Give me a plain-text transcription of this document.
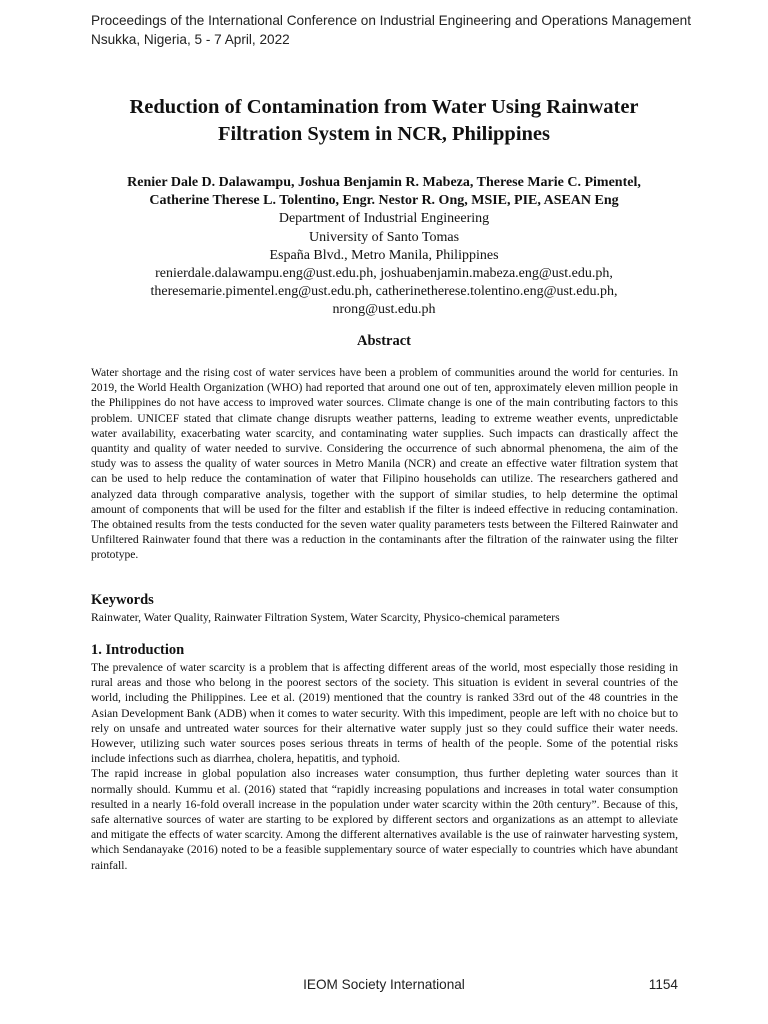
Proceedings of the International Conference on Industrial Engineering and Operations Management
Nsukka, Nigeria, 5 - 7 April, 2022
Reduction of Contamination from Water Using Rainwater
Filtration System in NCR, Philippines
Renier Dale D. Dalawampu, Joshua Benjamin R. Mabeza, Therese Marie C. Pimentel,
Catherine Therese L. Tolentino, Engr. Nestor R. Ong, MSIE, PIE, ASEAN Eng
Department of Industrial Engineering
University of Santo Tomas
España Blvd., Metro Manila, Philippines
renierdale.dalawampu.eng@ust.edu.ph, joshuabenjamin.mabeza.eng@ust.edu.ph,
theresemarie.pimentel.eng@ust.edu.ph, catherinetherese.tolentino.eng@ust.edu.ph,
nrong@ust.edu.ph
Abstract
Water shortage and the rising cost of water services have been a problem of communities around the world for centuries. In 2019, the World Health Organization (WHO) had reported that around one out of ten, approximately eleven million people in the Philippines do not have access to improved water sources. Climate change is one of the main contributing factors to this problem. UNICEF stated that climate change disrupts weather patterns, leading to extreme weather events, unpredictable water availability, exacerbating water scarcity, and contaminating water supplies. Such impacts can drastically affect the quantity and quality of water needed to survive. Considering the occurrence of such abnormal phenomena, the aim of the study was to assess the quality of water sources in Metro Manila (NCR) and create an effective water filtration system that can be used to help reduce the contamination of water that Filipino households can utilize. The researchers gathered and analyzed data through comparative analysis, together with the support of similar studies, to help determine the optimal amount of components that will be used for the filter and establish if the filter is indeed effective in reducing contamination. The obtained results from the tests conducted for the seven water quality parameters tests between the Filtered Rainwater and Unfiltered Rainwater found that there was a reduction in the contaminants after the filtration of the rainwater using the filter prototype.
Keywords
Rainwater, Water Quality, Rainwater Filtration System, Water Scarcity, Physico-chemical parameters
1. Introduction

The prevalence of water scarcity is a problem that is affecting different areas of the world, most especially those residing in rural areas and those who belong in the poorest sectors of the society. This situation is evident in several countries of the world, including the Philippines. Lee et al. (2019) mentioned that the country is ranked 33rd out of the 48 countries in the Asian Development Bank (ADB) when it comes to water security. With this impediment, people are left with no choice but to rely on unsafe and untreated water sources for their alternative water supply just so they could suffice their water needs. However, utilizing such water sources poses serious threats in terms of health of the people. Some of the potential risks include infections such as diarrhea, cholera, hepatitis, and typhoid.

The rapid increase in global population also increases water consumption, thus further depleting water sources than it normally should. Kummu et al. (2016) stated that “rapidly increasing populations and increases in total water consumption resulted in a nearly 16-fold overall increase in the population under water scarcity within the 20th century”. Because of this, safe alternative sources of water are starting to be explored by different sectors and organizations as an attempt to alleviate and mitigate the effects of water scarcity. Among the different alternatives available is the use of rainwater harvesting system, which Sendanayake (2016) noted to be a feasible supplementary source of water especially to countries which have abundant rainfall.

IEOM Society International	1154
